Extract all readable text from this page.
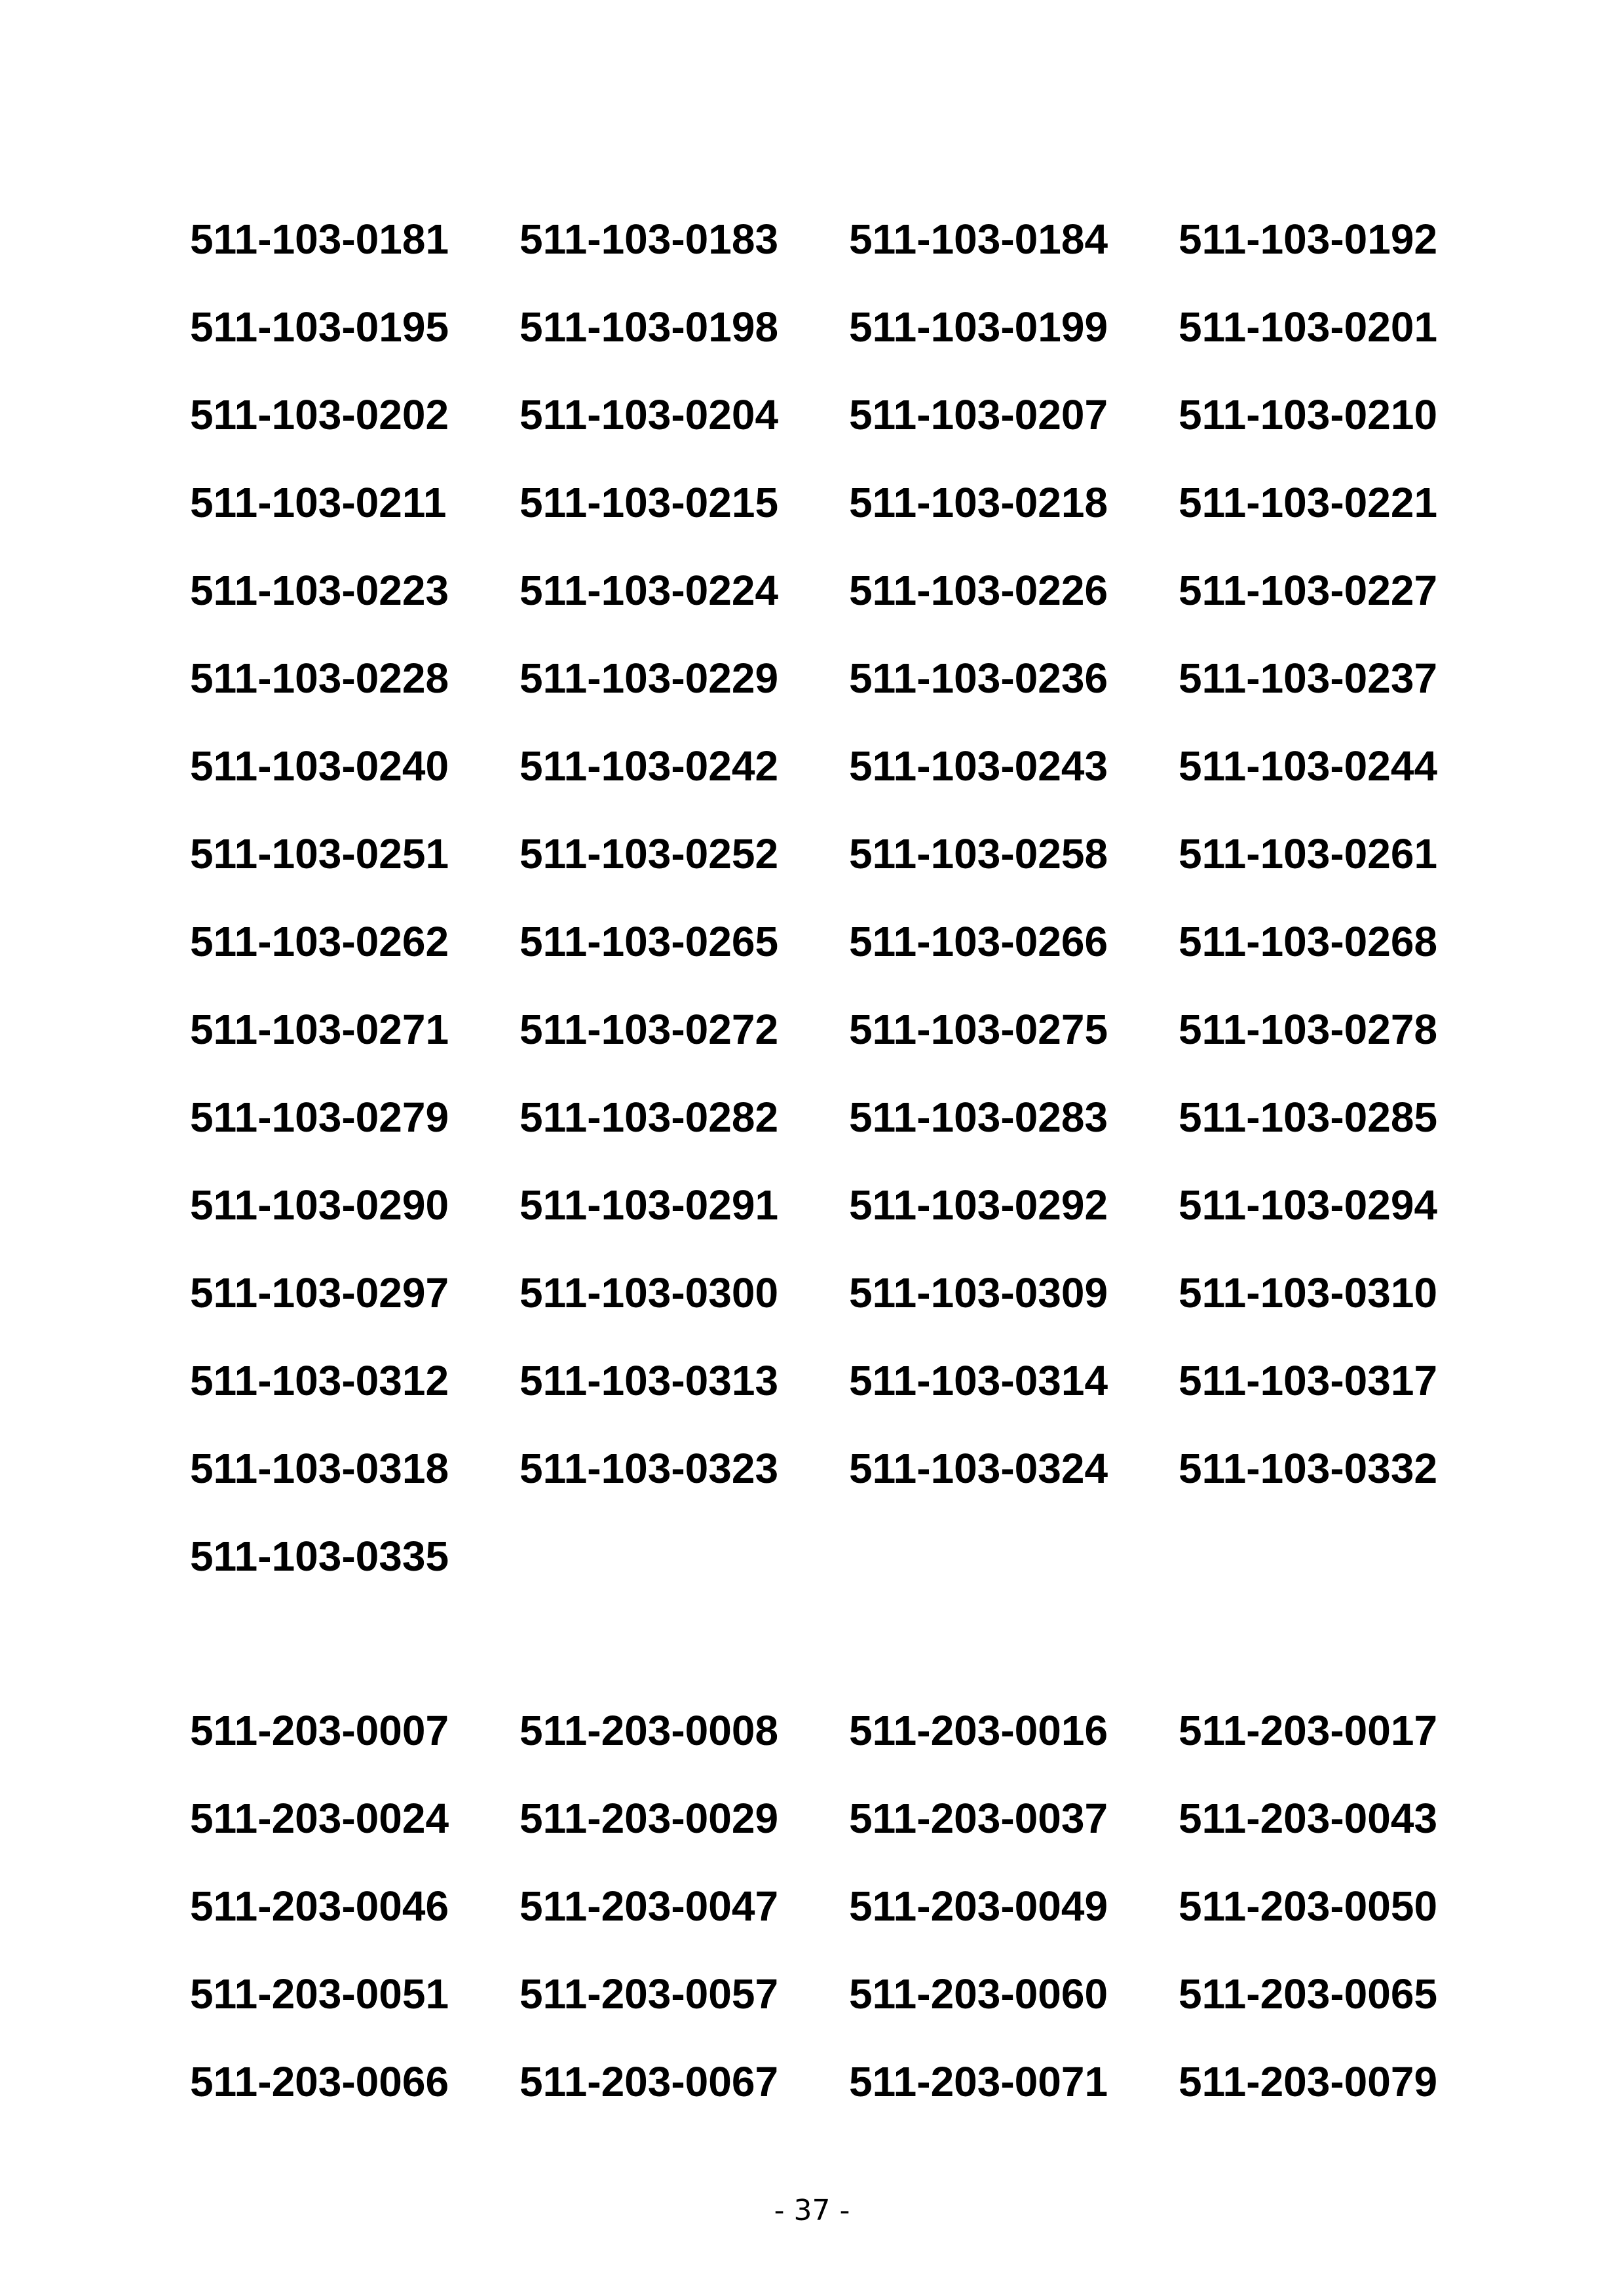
511-103-0181	511-103-0183	511-103-0184	511-103-0192
511-103-0195	511-103-0198	511-103-0199	511-103-0201
511-103-0202	511-103-0204	511-103-0207	511-103-0210
511-103-0211	511-103-0215	511-103-0218	511-103-0221
511-103-0223	511-103-0224	511-103-0226	511-103-0227
511-103-0228	511-103-0229	511-103-0236	511-103-0237
511-103-0240	511-103-0242	511-103-0243	511-103-0244
511-103-0251	511-103-0252	511-103-0258	511-103-0261
511-103-0262	511-103-0265	511-103-0266	511-103-0268
511-103-0271	511-103-0272	511-103-0275	511-103-0278
511-103-0279	511-103-0282	511-103-0283	511-103-0285
511-103-0290	511-103-0291	511-103-0292	511-103-0294
511-103-0297	511-103-0300	511-103-0309	511-103-0310
511-103-0312	511-103-0313	511-103-0314	511-103-0317
511-103-0318	511-103-0323	511-103-0324	511-103-0332
511-103-0335
511-203-0007	511-203-0008	511-203-0016	511-203-0017
511-203-0024	511-203-0029	511-203-0037	511-203-0043
511-203-0046	511-203-0047	511-203-0049	511-203-0050
511-203-0051	511-203-0057	511-203-0060	511-203-0065
511-203-0066	511-203-0067	511-203-0071	511-203-0079
- 37 -
